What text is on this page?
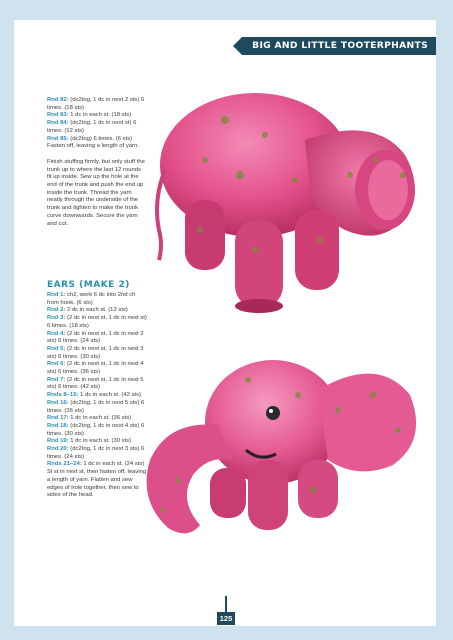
BIG AND LITTLE TOOTERPHANTS

Rnd 82: (dc2tog, 1 dc in next 2 sts) 6 times. (18 sts)

Rnd 83: 1 dc in each st. (18 sts)

Rnd 84: (dc2tog, 1 dc in next st) 6 times. (12 sts)

Rnd 85: (dc2tog) 6 times. (6 sts)

Fasten off, leaving a length of yarn.

Finish stuffing firmly, but only stuff the trunk up to where the last 12 rounds fit up inside. Sew up the hole at the end of the trunk and push the end up inside the trunk. Thread the yarn neatly through the underside of the trunk and tighten to make the trunk curve downwards. Secure the yarn and cut.

EARS (MAKE 2)

Rnd 1: ch2, work 6 dc into 2nd ch from hook. (6 sts)

Rnd 2: 2 dc in each st. (12 sts)

Rnd 3: (2 dc in next st, 1 dc in next st) 6 times. (18 sts)

Rnd 4: (2 dc in next st, 1 dc in next 2 sts) 6 times. (24 sts)

Rnd 5: (2 dc in next st, 1 dc in next 3 sts) 6 times. (30 sts)

Rnd 6: (2 dc in next st, 1 dc in next 4 sts) 6 times. (36 sts)

Rnd 7: (2 dc in next st, 1 dc in next 5 sts) 6 times. (42 sts)

Rnds 8–15: 1 dc in each st. (42 sts)

Rnd 16: (dc2tog, 1 dc in next 5 sts) 6 times. (36 sts)

Rnd 17: 1 dc in each st. (36 sts)

Rnd 18: (dc2tog, 1 dc in next 4 sts) 6 times. (30 sts)

Rnd 19: 1 dc in each st. (30 sts)

Rnd 20: (dc2tog, 1 dc in next 3 sts) 6 times. (24 sts)

Rnds 21–24: 1 dc in each st. (24 sts)

Sl st in next st, then fasten off, leaving a length of yarn. Flatten and sew edges of hole together, then sew to sides of the head.

125
